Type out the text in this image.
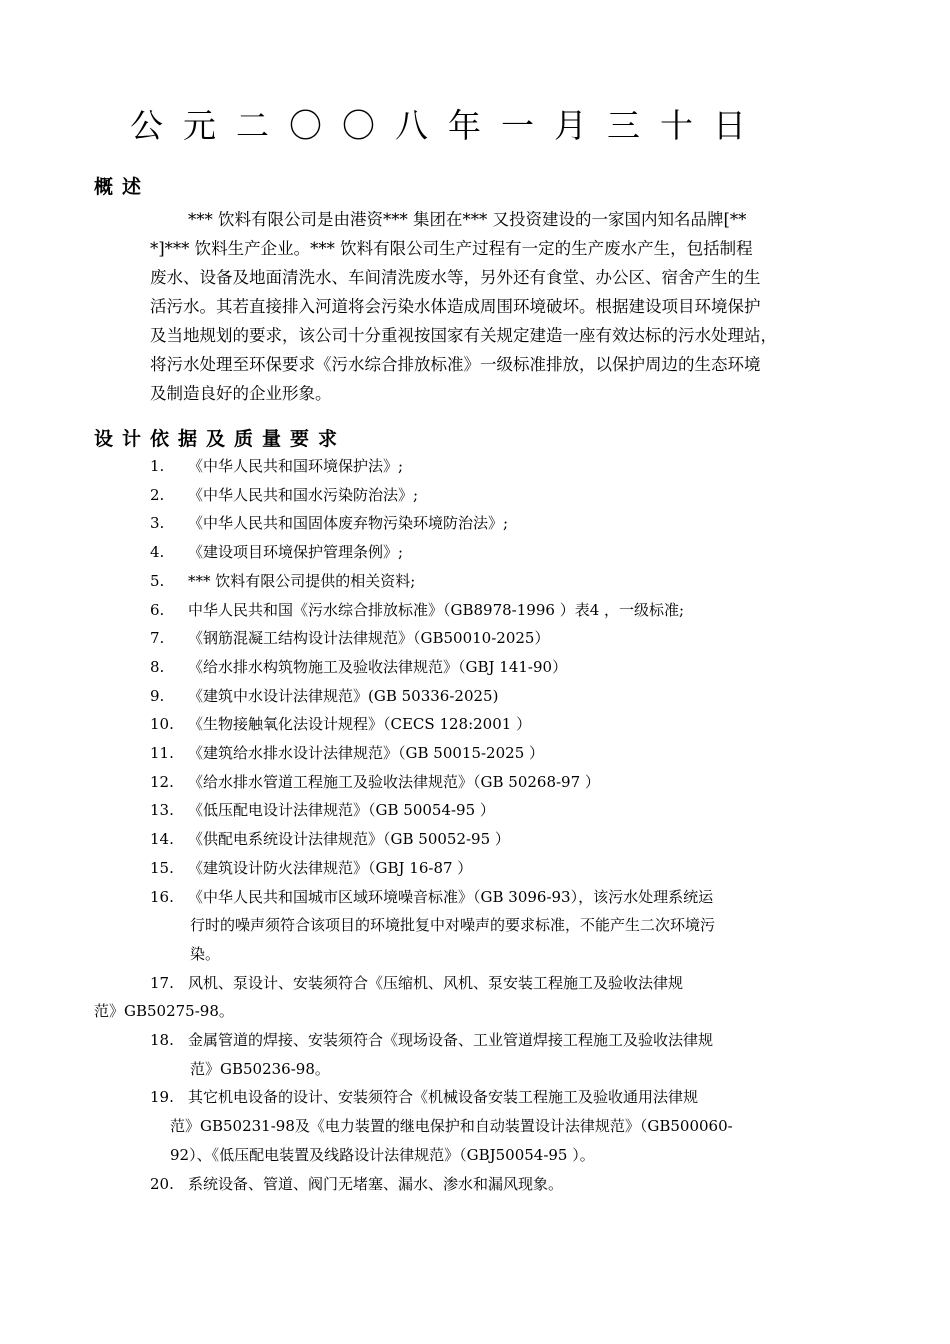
公元二〇〇八年一月三十日
概述
*** 饮料有限公司是由港资*** 集团在*** 又投资建设的一家国内知名品牌[**
*]*** 饮料生产企业。*** 饮料有限公司生产过程有一定的生产废水产生，包括制程
废水、设备及地面清洗水、车间清洗废水等，另外还有食堂、办公区、宿舍产生的生
活污水。其若直接排入河道将会污染水体造成周围环境破坏。根据建设项目环境保护
及当地规划的要求，该公司十分重视按国家有关规定建造一座有效达标的污水处理站，
将污水处理至环保要求《污水综合排放标准》一级标准排放，以保护周边的生态环境
及制造良好的企业形象。
设计依据及质量要求
1. 《中华人民共和国环境保护法》;
2. 《中华人民共和国水污染防治法》;
3. 《中华人民共和国固体废弃物污染环境防治法》;
4. 《建设项目环境保护管理条例》;
5. *** 饮料有限公司提供的相关资料;
6. 中华人民共和国《污水综合排放标准》（GB8978-1996 ）表4 ，一级标准;
7. 《钢筋混凝工结构设计法律规范》（GB50010-2025）
8. 《给水排水构筑物施工及验收法律规范》（GBJ 141-90）
9. 《建筑中水设计法律规范》(GB 50336-2025)
10. 《生物接触氧化法设计规程》（CECS 128:2001 ）
11. 《建筑给水排水设计法律规范》（GB 50015-2025 ）
12. 《给水排水管道工程施工及验收法律规范》（GB 50268-97 ）
13. 《低压配电设计法律规范》（GB 50054-95 ）
14. 《供配电系统设计法律规范》（GB 50052-95 ）
15. 《建筑设计防火法律规范》（GBJ 16-87 ）
16. 《中华人民共和国城市区域环境噪音标准》（GB 3096-93），该污水处理系统运
行时的噪声须符合该项目的环境批复中对噪声的要求标准，不能产生二次环境污
染。
17. 风机、泵设计、安装须符合《压缩机、风机、泵安装工程施工及验收法律规
范》GB50275-98。
18. 金属管道的焊接、安装须符合《现场设备、工业管道焊接工程施工及验收法律规
范》GB50236-98。
19. 其它机电设备的设计、安装须符合《机械设备安装工程施工及验收通用法律规
范》GB50231-98及《电力装置的继电保护和自动装置设计法律规范》（GB500060-
92）、《低压配电装置及线路设计法律规范》（GBJ50054-95 ）。
20. 系统设备、管道、阀门无堵塞、漏水、渗水和漏风现象。
